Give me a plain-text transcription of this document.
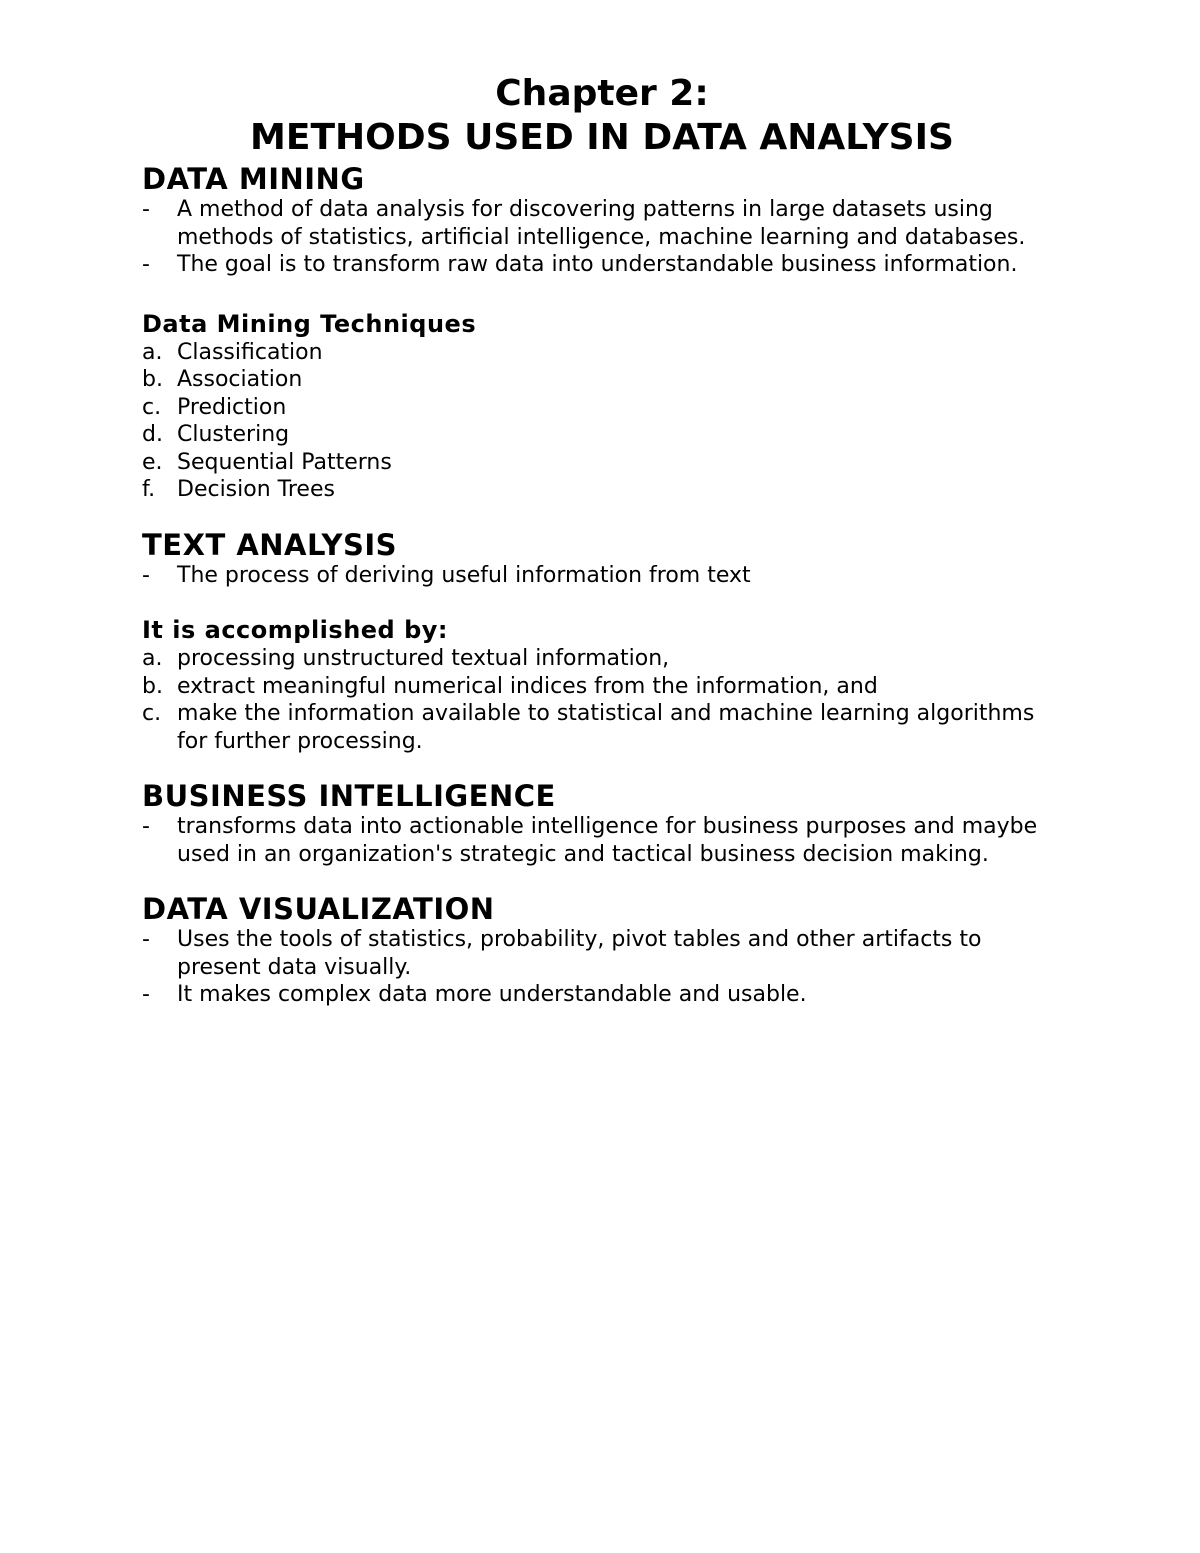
Chapter 2:
METHODS USED IN DATA ANALYSIS
DATA MINING
-	A method of data analysis for discovering patterns in large datasets using methods of statistics, artificial intelligence, machine learning and databases.
-	The goal is to transform raw data into understandable business information.
Data Mining Techniques
a. Classification
b. Association
c. Prediction
d. Clustering
e. Sequential Patterns
f. Decision Trees
TEXT ANALYSIS
-	The process of deriving useful information from text
It is accomplished by:
a. processing unstructured textual information,
b. extract meaningful numerical indices from the information, and
c. make the information available to statistical and machine learning algorithms for further processing.
BUSINESS INTELLIGENCE
-	transforms data into actionable intelligence for business purposes and maybe used in an organization's strategic and tactical business decision making.
DATA VISUALIZATION
-	Uses the tools of statistics, probability, pivot tables and other artifacts to present data visually.
-	It makes complex data more understandable and usable.
